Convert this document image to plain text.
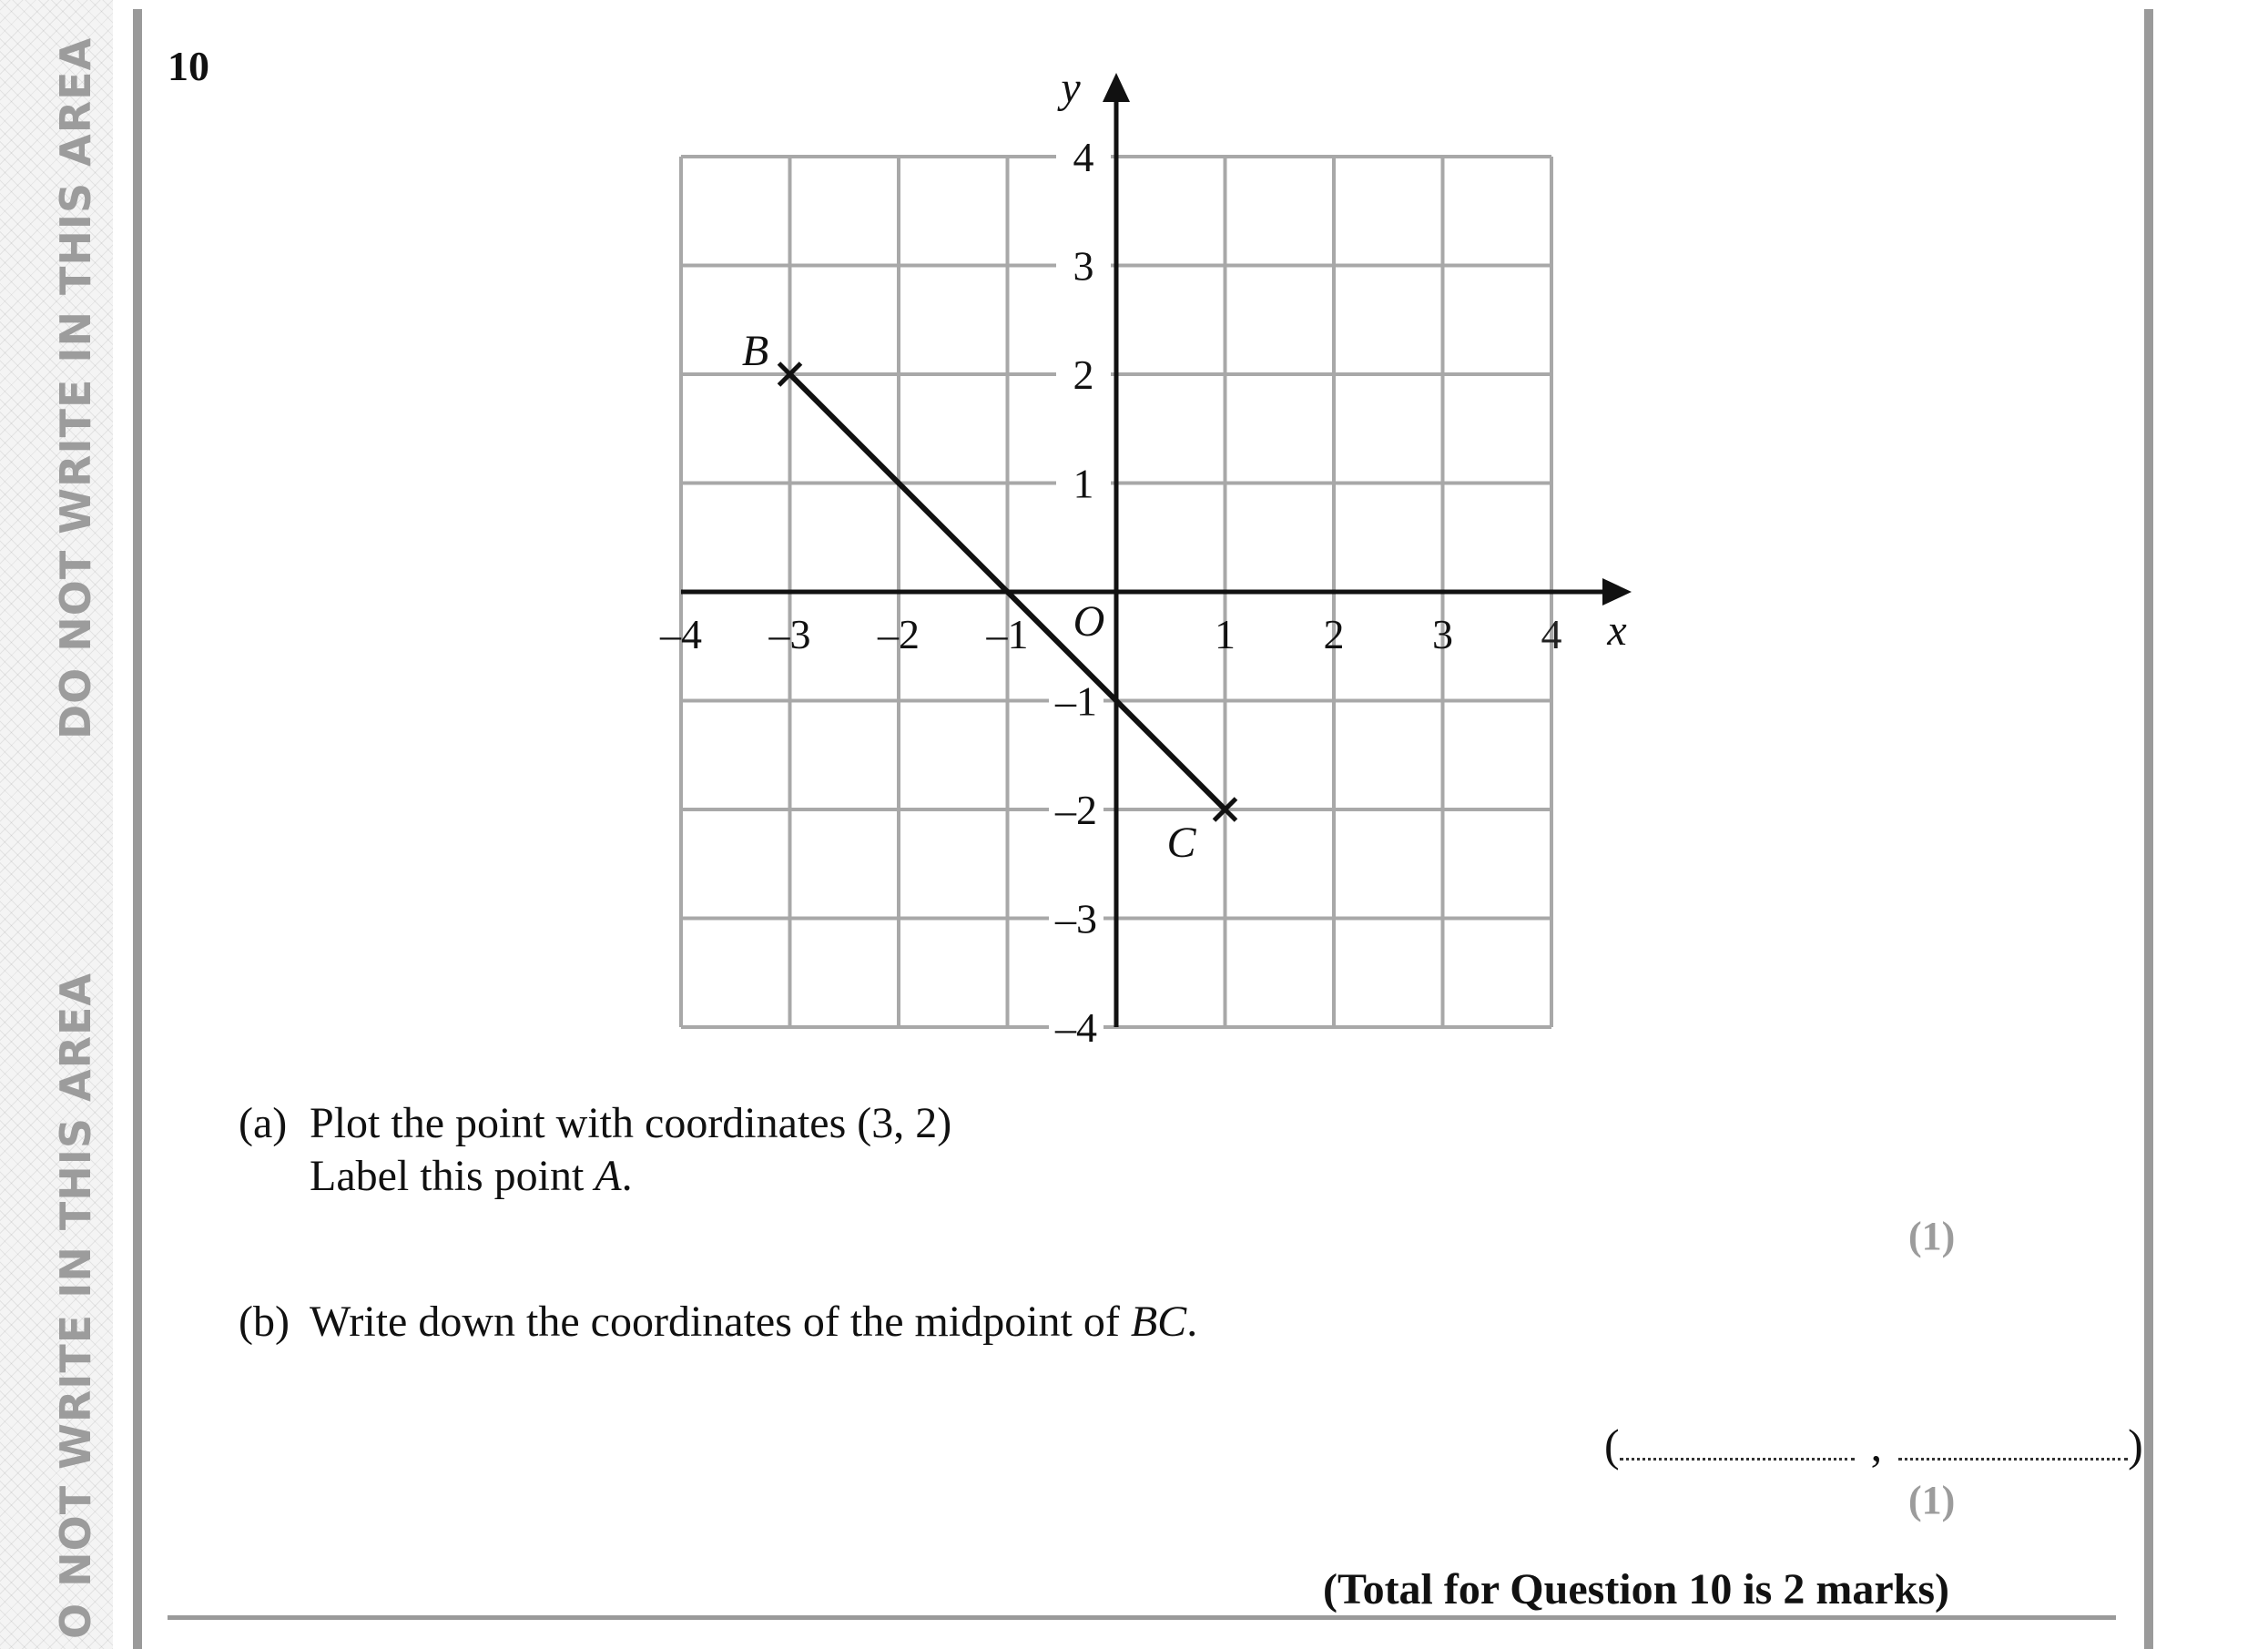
DO NOT WRITE IN THIS AREA
O NOT WRITE IN THIS AREA
10
–4 –3 –2 –1	1 2 3 4
4
3
2
1
–1
–2
–3
–4
x
y
O
B
C
(a) Plot the point with coordinates (3, 2)
Label this point A.
(1)
(b) Write down the coordinates of the midpoint of BC.
(	,	)
(1)
(Total for Question 10 is 2 marks)
